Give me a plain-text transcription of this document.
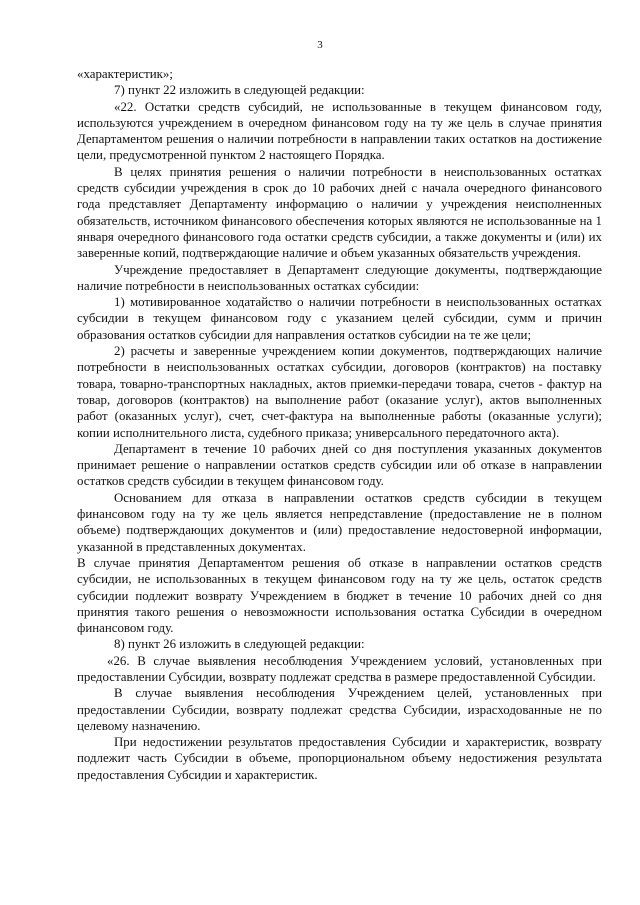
3

«характеристик»;

7) пункт 22 изложить в следующей редакции:

«22. Остатки средств субсидий, не использованные в текущем финансовом году, используются учреждением в очередном финансовом году на ту же цель в случае принятия Департаментом решения о наличии потребности в направлении таких остатков на достижение цели, предусмотренной пунктом 2 настоящего Порядка.

В целях принятия решения о наличии потребности в неиспользованных остатках средств субсидии учреждения в срок до 10 рабочих дней с начала очередного финансового года представляет Департаменту информацию о наличии у учреждения неисполненных обязательств, источником финансового обеспечения которых являются не использованные на 1 января очередного финансового года остатки средств субсидии, а также документы и (или) их заверенные копий, подтверждающие наличие и объем указанных обязательств учреждения.

Учреждение предоставляет в Департамент следующие документы, подтверждающие наличие потребности в неиспользованных остатках субсидии:

1) мотивированное ходатайство о наличии потребности в неиспользованных остатках субсидии в текущем финансовом году с указанием целей субсидии, сумм и причин образования остатков субсидии для направления остатков субсидии на те же цели;

2) расчеты и заверенные учреждением копии документов, подтверждающих наличие потребности в неиспользованных остатках субсидии, договоров (контрактов) на поставку товара, товарно-транспортных накладных, актов приемки-передачи товара, счетов - фактур на товар, договоров (контрактов) на выполнение работ (оказание услуг), актов выполненных работ (оказанных услуг), счет, счет-фактура на выполненные работы (оказанные услуги); копии исполнительного листа, судебного приказа; универсального передаточного акта).

Департамент в течение 10 рабочих дней со дня поступления указанных документов принимает решение о направлении остатков средств субсидии или об отказе в направлении остатков средств субсидии в текущем финансовом году.

Основанием для отказа в направлении остатков средств субсидии в текущем финансовом году на ту же цель является непредставление (предоставление не в полном объеме) подтверждающих документов и (или) предоставление недостоверной информации, указанной в представленных документах.

В случае принятия Департаментом решения об отказе в направлении остатков средств субсидии, не использованных в текущем финансовом году на ту же цель, остаток средств субсидии подлежит возврату Учреждением в бюджет в течение 10 рабочих дней со дня принятия такого решения о невозможности использования остатка Субсидии в очередном финансовом году.

8) пункт 26 изложить в следующей редакции:

«26. В случае выявления несоблюдения Учреждением условий, установленных при предоставлении Субсидии, возврату подлежат средства в размере предоставленной Субсидии.

В случае выявления несоблюдения Учреждением целей, установленных при предоставлении Субсидии, возврату подлежат средства Субсидии, израсходованные не по целевому назначению.

При недостижении результатов предоставления Субсидии и характеристик, возврату подлежит часть Субсидии в объеме, пропорциональном объему недостижения результата предоставления Субсидии и характеристик.
